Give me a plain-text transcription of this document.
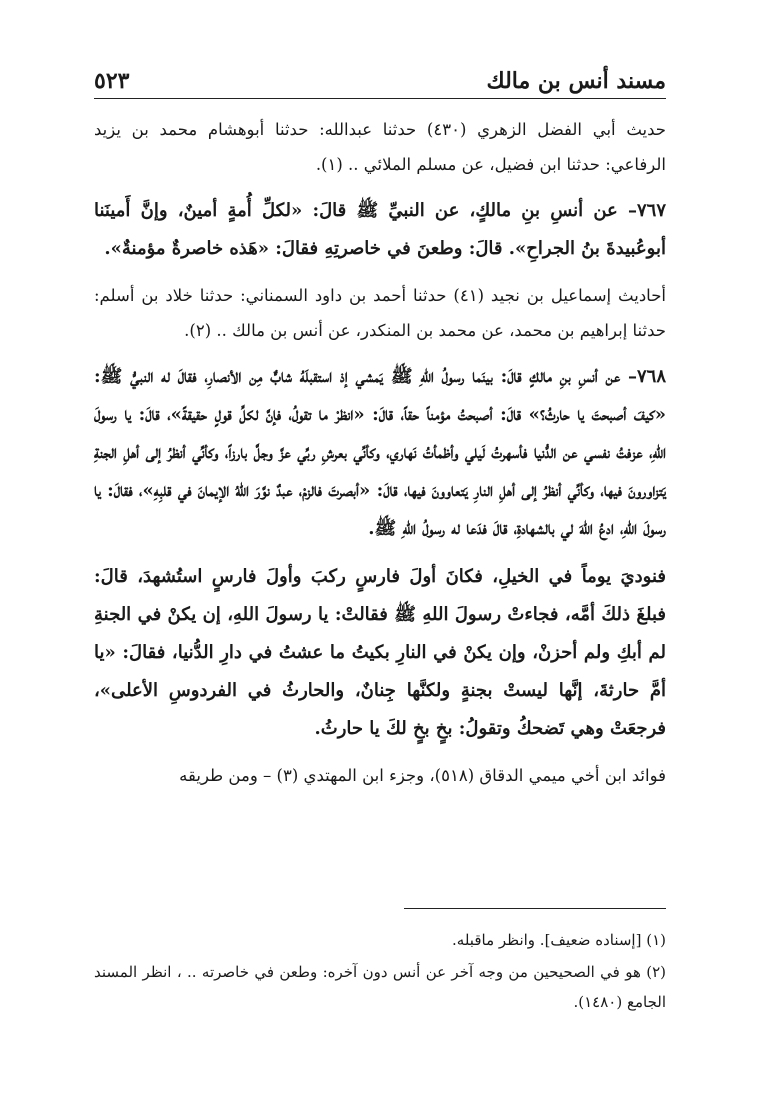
مسند أنس بن مالك
٥٢٣

حديث أبي الفضل الزهري (٤٣٠) حدثنا عبدالله: حدثنا أبوهشام محمد بن يزيد الرفاعي: حدثنا ابن فضيل، عن مسلم الملائي .. (١).

٧٦٧– عن أنسِ بنِ مالكٍ، عن النبيِّ ﷺ قالَ: «لكلِّ أُمةٍ أمينٌ، وإنَّ أَمينَنا أبوعُبيدةَ بنُ الجراحِ». قالَ: وطعنَ في خاصرتِهِ فقالَ: «هَذه خاصرةٌ مؤمنةٌ».

أحاديث إسماعيل بن نجيد (٤١) حدثنا أحمد بن داود السمناني: حدثنا خلاد بن أسلم: حدثنا إبراهيم بن محمد، عن محمد بن المنكدر، عن أنس بن مالك .. (٢).

٧٦٨– عن أنسِ بنِ مالكٍ قالَ: بينَما رسولُ اللهِ ﷺ يَمشي إذ استقبلَهُ شابٌّ مِن الأنصارِ، فقالَ له النبيُّ ﷺ: «كيفَ أصبحتَ يا حارثُ؟» قالَ: أصبحتُ مؤمناً حقاً، قالَ: «انظرْ ما تقولُ، فإنَّ لكلِّ قولٍ حقيقةً»، قالَ: يا رسولَ اللهِ، عزفتُ نفسي عن الدُّنيا فأسهرتُ لَيلي وأظمأتُ نَهاري، وكأنِّي بعرشِ ربِّي عزَّ وجلَّ بارزاً، وكأنِّي أنظرُ إلى أهلِ الجنةِ يَتزاورونَ فيها، وكأنِّي أنظرُ إلى أهلِ النارِ يَتعاوونَ فيها، قالَ: «أبصرتَ فالزمْ، عبدٌ نوَّرَ اللهُ الإيمانَ في قلبِهِ»، فقالَ: يا رسولَ اللهِ، ادعُ اللهَ لي بالشهادةِ، قالَ فدَعا له رسولُ اللهِ ﷺ.

فنوديَ يوماً في الخيلِ، فكانَ أولَ فارسٍ ركبَ وأولَ فارسٍ استُشهدَ، قالَ: فبلغَ ذلكَ أمَّه، فجاءتْ رسولَ اللهِ ﷺ فقالتْ: يا رسولَ اللهِ، إن يكنْ في الجنةِ لم أبكِ ولم أحزنْ، وإن يكنْ في النارِ بكيتُ ما عشتُ في دارِ الدُّنيا، فقالَ: «يا أمَّ حارثةَ، إنَّها ليستْ بجنةٍ ولكنَّها جِنانٌ، والحارثُ في الفردوسِ الأعلى»، فرجعَتْ وهي تَضحكُ وتقولُ: بخٍ بخٍ لكَ يا حارثُ.

فوائد ابن أخي ميمي الدقاق (٥١٨)، وجزء ابن المهتدي (٣) – ومن طريقه

(١) [إسناده ضعيف]. وانظر ماقبله.

(٢) هو في الصحيحين من وجه آخر عن أنس دون آخره: وطعن في خاصرته .. ، انظر المسند الجامع (١٤٨٠).
